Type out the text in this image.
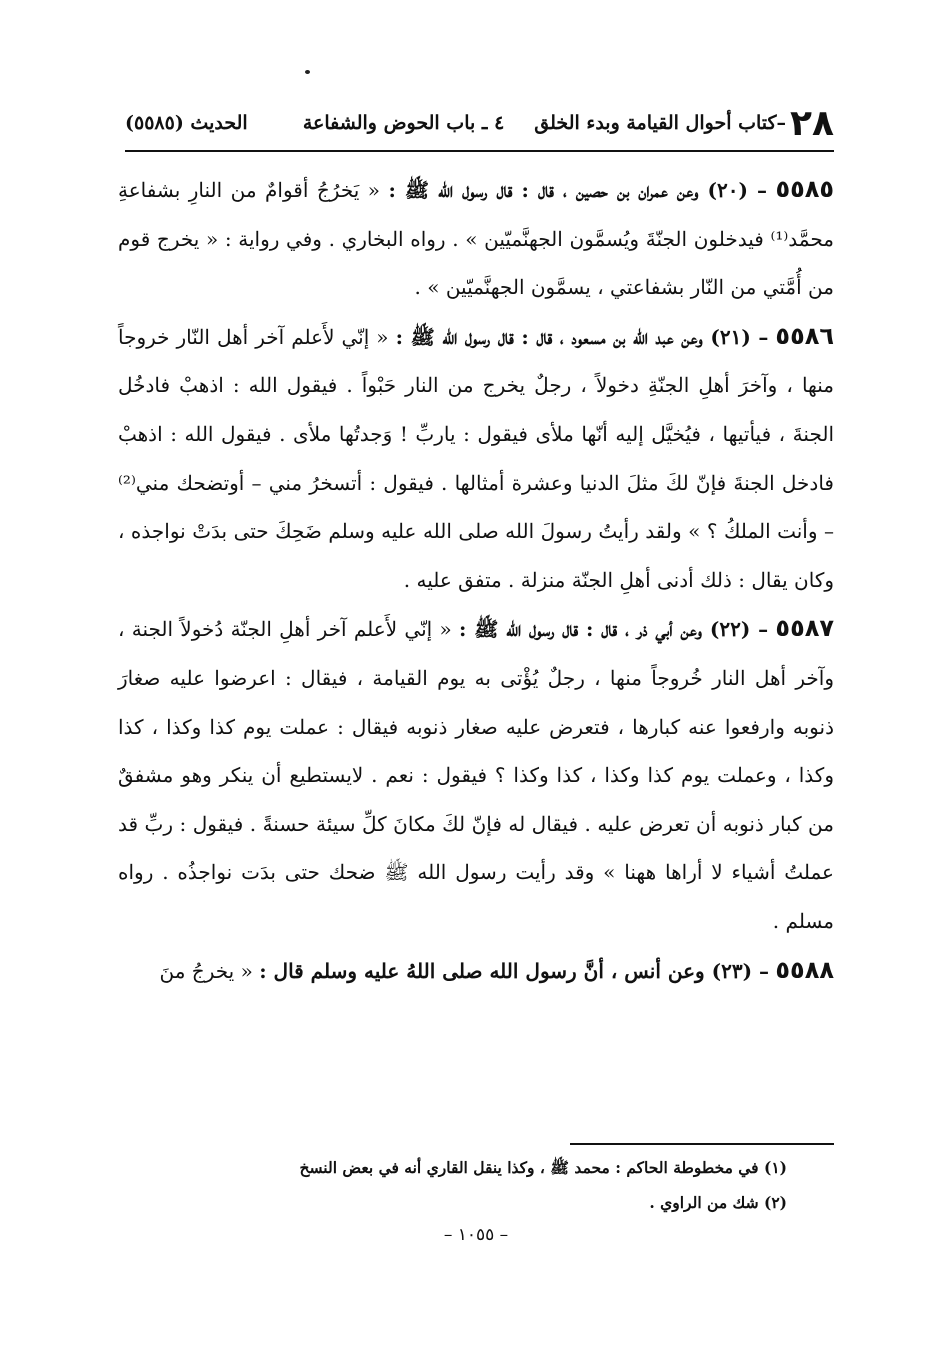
٢٨
–كتاب أحوال القيامة وبدء الخلق
٤ ـ باب الحوض والشفاعة
الحديث (٥٥٨٥)

٥٥٨٥ – (٢٠) وعن عمران بن حصين ، قال : قال رسول الله ﷺ : « يَخرُجُ أقوامٌ من النارِ بشفاعةِ محمَّد⁽¹⁾ فيدخلون الجنّةَ ويُسمَّون الجهنَّميّين » . رواه البخاري . وفي رواية : « يخرج قوم من أُمَّتي من النّار بشفاعتي ، يسمَّون الجهنَّميّين » .

٥٥٨٦ – (٢١) وعن عبد الله بن مسعود ، قال : قال رسول الله ﷺ : « إنّي لأَعلم آخر أهل النّار خروجاً منها ، وآخرَ أهلِ الجنّةِ دخولاً ، رجلٌ يخرج من النار حَبْواً . فيقول الله : اذهبْ فادخُل الجنةَ ، فيأتيها ، فيُخيَّل إليه أنّها ملأى فيقول : ياربِّ ! وَجدتُها ملأى . فيقول الله : اذهبْ فادخل الجنةَ فإنّ لكَ مثلَ الدنيا وعشرة أمثالها . فيقول : أتسخرُ مني – أوتضحك مني⁽²⁾ – وأنت الملكُ ؟ » ولقد رأيتُ رسولَ الله صلى الله عليه وسلم ضَحِكَ حتى بدَتْ نواجذه ، وكان يقال : ذلك أدنى أهلِ الجنّة منزلة . متفق عليه .

٥٥٨٧ – (٢٢) وعن أبي ذر ، قال : قال رسول الله ﷺ : « إنّي لأَعلم آخر أهلِ الجنّة دُخولاً الجنة ، وآخر أهل النار خُروجاً منها ، رجلٌ يُؤْتى به يوم القيامة ، فيقال : اعرضوا عليه صغارَ ذنوبه وارفعوا عنه كبارها ، فتعرض عليه صغار ذنوبه فيقال : عملت يوم كذا وكذا ، كذا وكذا ، وعملت يوم كذا وكذا ، كذا وكذا ؟ فيقول : نعم . لايستطيع أن ينكر وهو مشفقٌ من كبار ذنوبه أن تعرض عليه . فيقال له فإنّ لكَ مكانَ كلِّ سيئة حسنةً . فيقول : ربِّ قد عملتُ أشياء لا أراها ههنا » وقد رأيت رسول الله ﷺ ضحك حتى بدَت نواجذُه . رواه مسلم .

٥٥٨٨ – (٢٣) وعن أنس ، أنَّ رسول الله صلى اللهُ عليه وسلم قال : « يخرجُ منَ

(١) في مخطوطة الحاكم : محمد ﷺ ، وكذا ينقل القاري أنه في بعض النسخ

(٢) شك من الراوي .

– ١٠٥٥ –
